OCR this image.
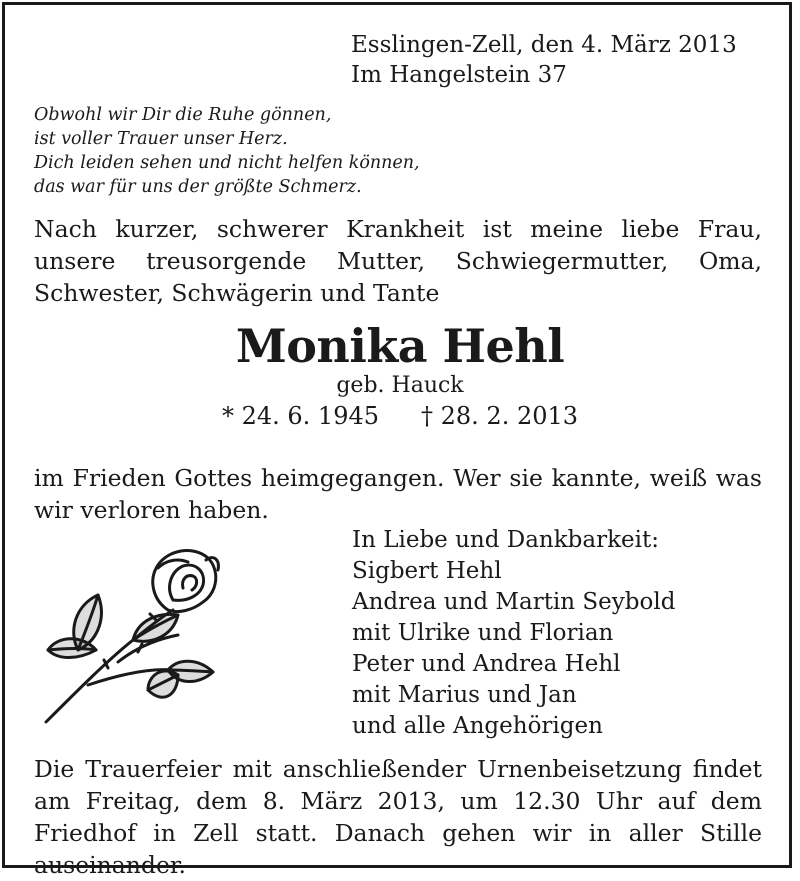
Esslingen-Zell, den 4. März 2013
Im Hangelstein 37
Obwohl wir Dir die Ruhe gönnen,
ist voller Trauer unser Herz.
Dich leiden sehen und nicht helfen können,
das war für uns der größte Schmerz.

Nach kurzer, schwerer Krankheit ist meine liebe Frau, unsere treusorgende Mutter, Schwiegermutter, Oma, Schwester, Schwägerin und Tante

Monika Hehl
geb. Hauck
* 24. 6. 1945 † 28. 2. 2013

im Frieden Gottes heimgegangen. Wer sie kannte, weiß was wir verloren haben.

In Liebe und Dankbarkeit:
Sigbert Hehl
Andrea und Martin Seybold
mit Ulrike und Florian
Peter und Andrea Hehl
mit Marius und Jan
und alle Angehörigen

Die Trauerfeier mit anschließender Urnenbeisetzung findet am Freitag, dem 8. März 2013, um 12.30 Uhr auf dem Friedhof in Zell statt. Danach gehen wir in aller Stille auseinander.
